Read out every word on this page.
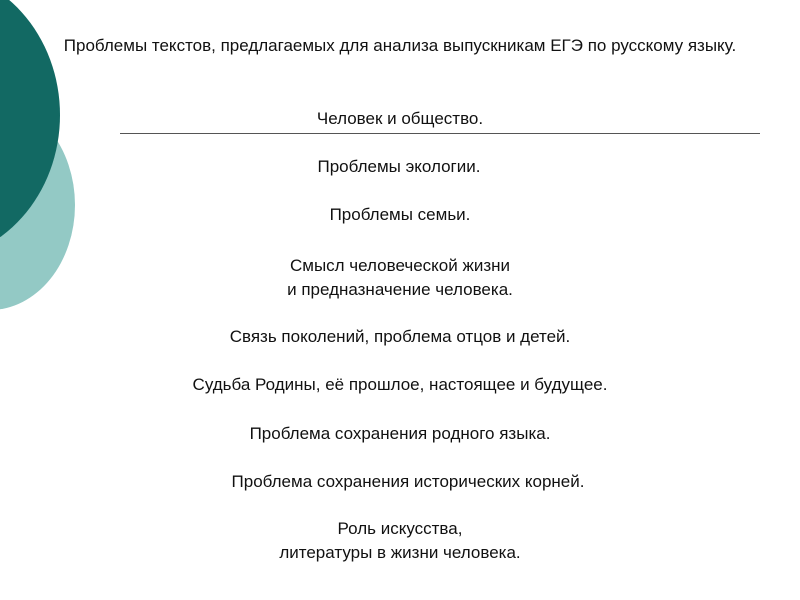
Проблемы текстов, предлагаемых для анализа выпускникам ЕГЭ по русскому языку.
Человек и общество.
Проблемы экологии.
Проблемы семьи.
Смысл человеческой жизни
и предназначение человека.
Связь поколений, проблема отцов и детей.
Судьба Родины, её прошлое, настоящее и будущее.
Проблема сохранения родного языка.
Проблема сохранения исторических корней.
Роль искусства,
литературы в жизни человека.
